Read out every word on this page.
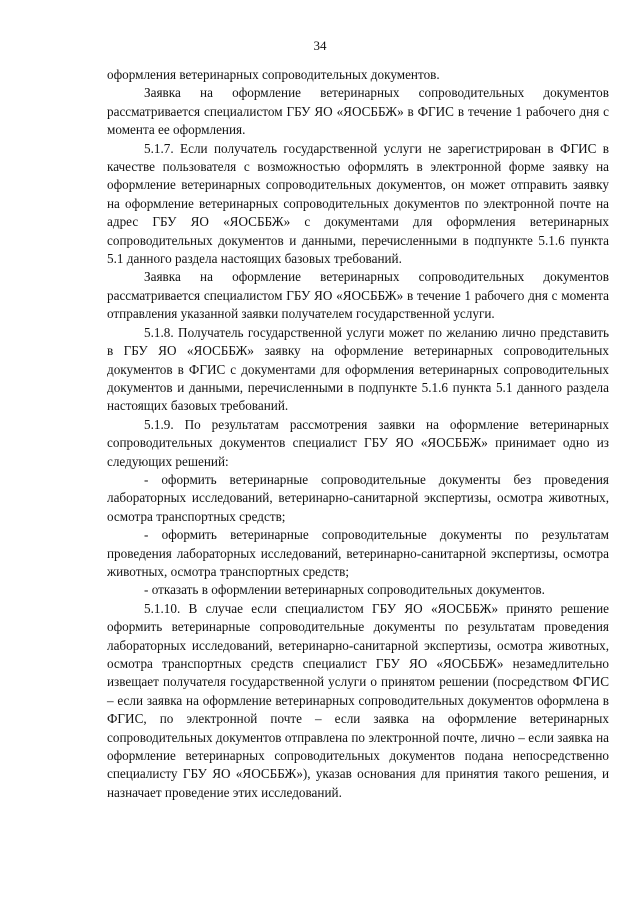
34

оформления ветеринарных сопроводительных документов.

Заявка на оформление ветеринарных сопроводительных документов рассматривается специалистом ГБУ ЯО «ЯОСББЖ» в ФГИС в течение 1 рабочего дня с момента ее оформления.

5.1.7. Если получатель государственной услуги не зарегистрирован в ФГИС в качестве пользователя с возможностью оформлять в электронной форме заявку на оформление ветеринарных сопроводительных документов, он может отправить заявку на оформление ветеринарных сопроводительных документов по электронной почте на адрес ГБУ ЯО «ЯОСББЖ» с документами для оформления ветеринарных сопроводительных документов и данными, перечисленными в подпункте 5.1.6 пункта 5.1 данного раздела настоящих базовых требований.

Заявка на оформление ветеринарных сопроводительных документов рассматривается специалистом ГБУ ЯО «ЯОСББЖ» в течение 1 рабочего дня с момента отправления указанной заявки получателем государственной услуги.

5.1.8. Получатель государственной услуги может по желанию лично представить в ГБУ ЯО «ЯОСББЖ» заявку на оформление ветеринарных сопроводительных документов в ФГИС с документами для оформления ветеринарных сопроводительных документов и данными, перечисленными в подпункте 5.1.6 пункта 5.1 данного раздела настоящих базовых требований.

5.1.9. По результатам рассмотрения заявки на оформление ветеринарных сопроводительных документов специалист ГБУ ЯО «ЯОСББЖ» принимает одно из следующих решений:

- оформить ветеринарные сопроводительные документы без проведения лабораторных исследований, ветеринарно-санитарной экспертизы, осмотра животных, осмотра транспортных средств;

- оформить ветеринарные сопроводительные документы по результатам проведения лабораторных исследований, ветеринарно-санитарной экспертизы, осмотра животных, осмотра транспортных средств;

- отказать в оформлении ветеринарных сопроводительных документов.

5.1.10. В случае если специалистом ГБУ ЯО «ЯОСББЖ» принято решение оформить ветеринарные сопроводительные документы по результатам проведения лабораторных исследований, ветеринарно-санитарной экспертизы, осмотра животных, осмотра транспортных средств специалист ГБУ ЯО «ЯОСББЖ» незамедлительно извещает получателя государственной услуги о принятом решении (посредством ФГИС – если заявка на оформление ветеринарных сопроводительных документов оформлена в ФГИС, по электронной почте – если заявка на оформление ветеринарных сопроводительных документов отправлена по электронной почте, лично – если заявка на оформление ветеринарных сопроводительных документов подана непосредственно специалисту ГБУ ЯО «ЯОСББЖ»), указав основания для принятия такого решения, и назначает проведение этих исследований.
